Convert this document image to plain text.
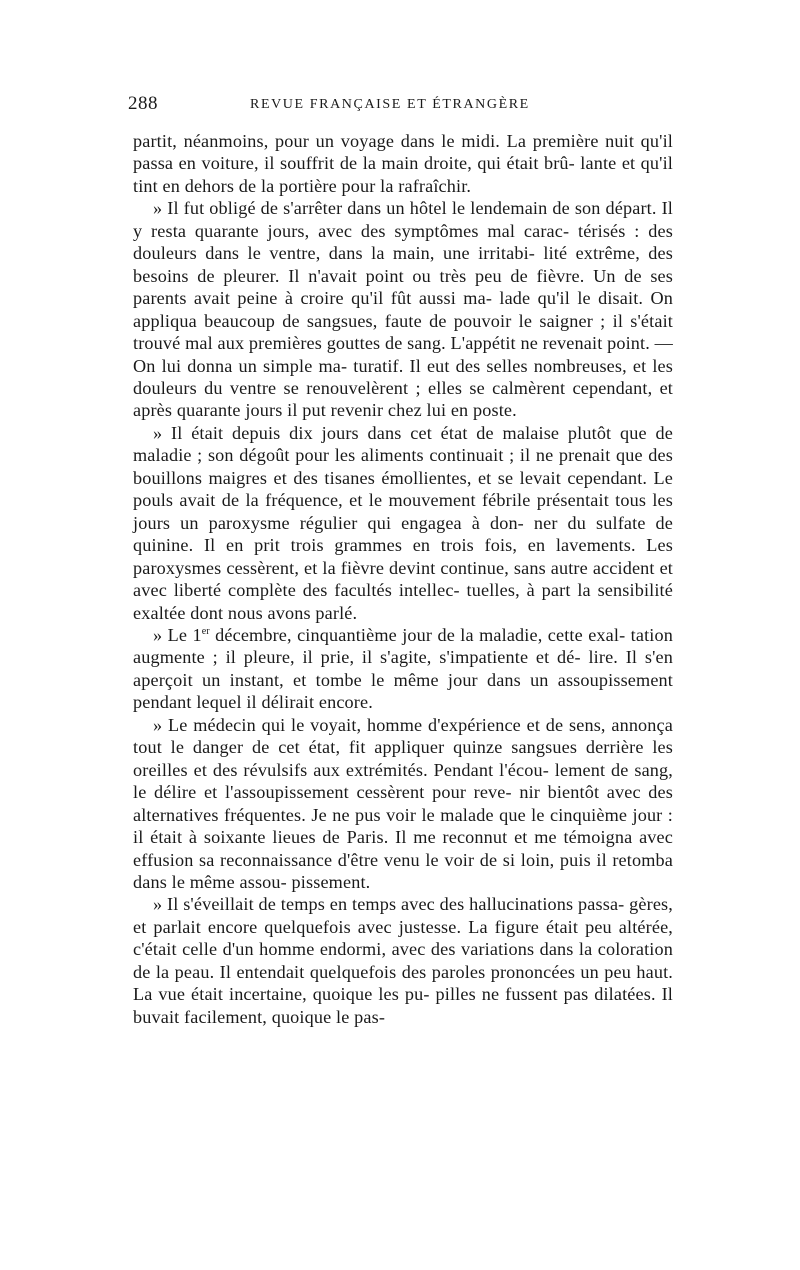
288	REVUE FRANÇAISE ET ÉTRANGÈRE

partit, néanmoins, pour un voyage dans le midi. La première nuit qu'il passa en voiture, il souffrit de la main droite, qui était brû- lante et qu'il tint en dehors de la portière pour la rafraîchir.

» Il fut obligé de s'arrêter dans un hôtel le lendemain de son départ. Il y resta quarante jours, avec des symptômes mal carac- térisés : des douleurs dans le ventre, dans la main, une irritabi- lité extrême, des besoins de pleurer. Il n'avait point ou très peu de fièvre. Un de ses parents avait peine à croire qu'il fût aussi ma- lade qu'il le disait. On appliqua beaucoup de sangsues, faute de pouvoir le saigner ; il s'était trouvé mal aux premières gouttes de sang. L'appétit ne revenait point. — On lui donna un simple ma- turatif. Il eut des selles nombreuses, et les douleurs du ventre se renouvelèrent ; elles se calmèrent cependant, et après quarante jours il put revenir chez lui en poste.

» Il était depuis dix jours dans cet état de malaise plutôt que de maladie ; son dégoût pour les aliments continuait ; il ne prenait que des bouillons maigres et des tisanes émollientes, et se levait cependant. Le pouls avait de la fréquence, et le mouvement fébrile présentait tous les jours un paroxysme régulier qui engagea à don- ner du sulfate de quinine. Il en prit trois grammes en trois fois, en lavements. Les paroxysmes cessèrent, et la fièvre devint continue, sans autre accident et avec liberté complète des facultés intellec- tuelles, à part la sensibilité exaltée dont nous avons parlé.

» Le 1er décembre, cinquantième jour de la maladie, cette exal- tation augmente ; il pleure, il prie, il s'agite, s'impatiente et dé- lire. Il s'en aperçoit un instant, et tombe le même jour dans un assoupissement pendant lequel il délirait encore.

» Le médecin qui le voyait, homme d'expérience et de sens, annonça tout le danger de cet état, fit appliquer quinze sangsues derrière les oreilles et des révulsifs aux extrémités. Pendant l'écou- lement de sang, le délire et l'assoupissement cessèrent pour reve- nir bientôt avec des alternatives fréquentes. Je ne pus voir le malade que le cinquième jour : il était à soixante lieues de Paris. Il me reconnut et me témoigna avec effusion sa reconnaissance d'être venu le voir de si loin, puis il retomba dans le même assou- pissement.

» Il s'éveillait de temps en temps avec des hallucinations passa- gères, et parlait encore quelquefois avec justesse. La figure était peu altérée, c'était celle d'un homme endormi, avec des variations dans la coloration de la peau. Il entendait quelquefois des paroles prononcées un peu haut. La vue était incertaine, quoique les pu- pilles ne fussent pas dilatées. Il buvait facilement, quoique le pas-
